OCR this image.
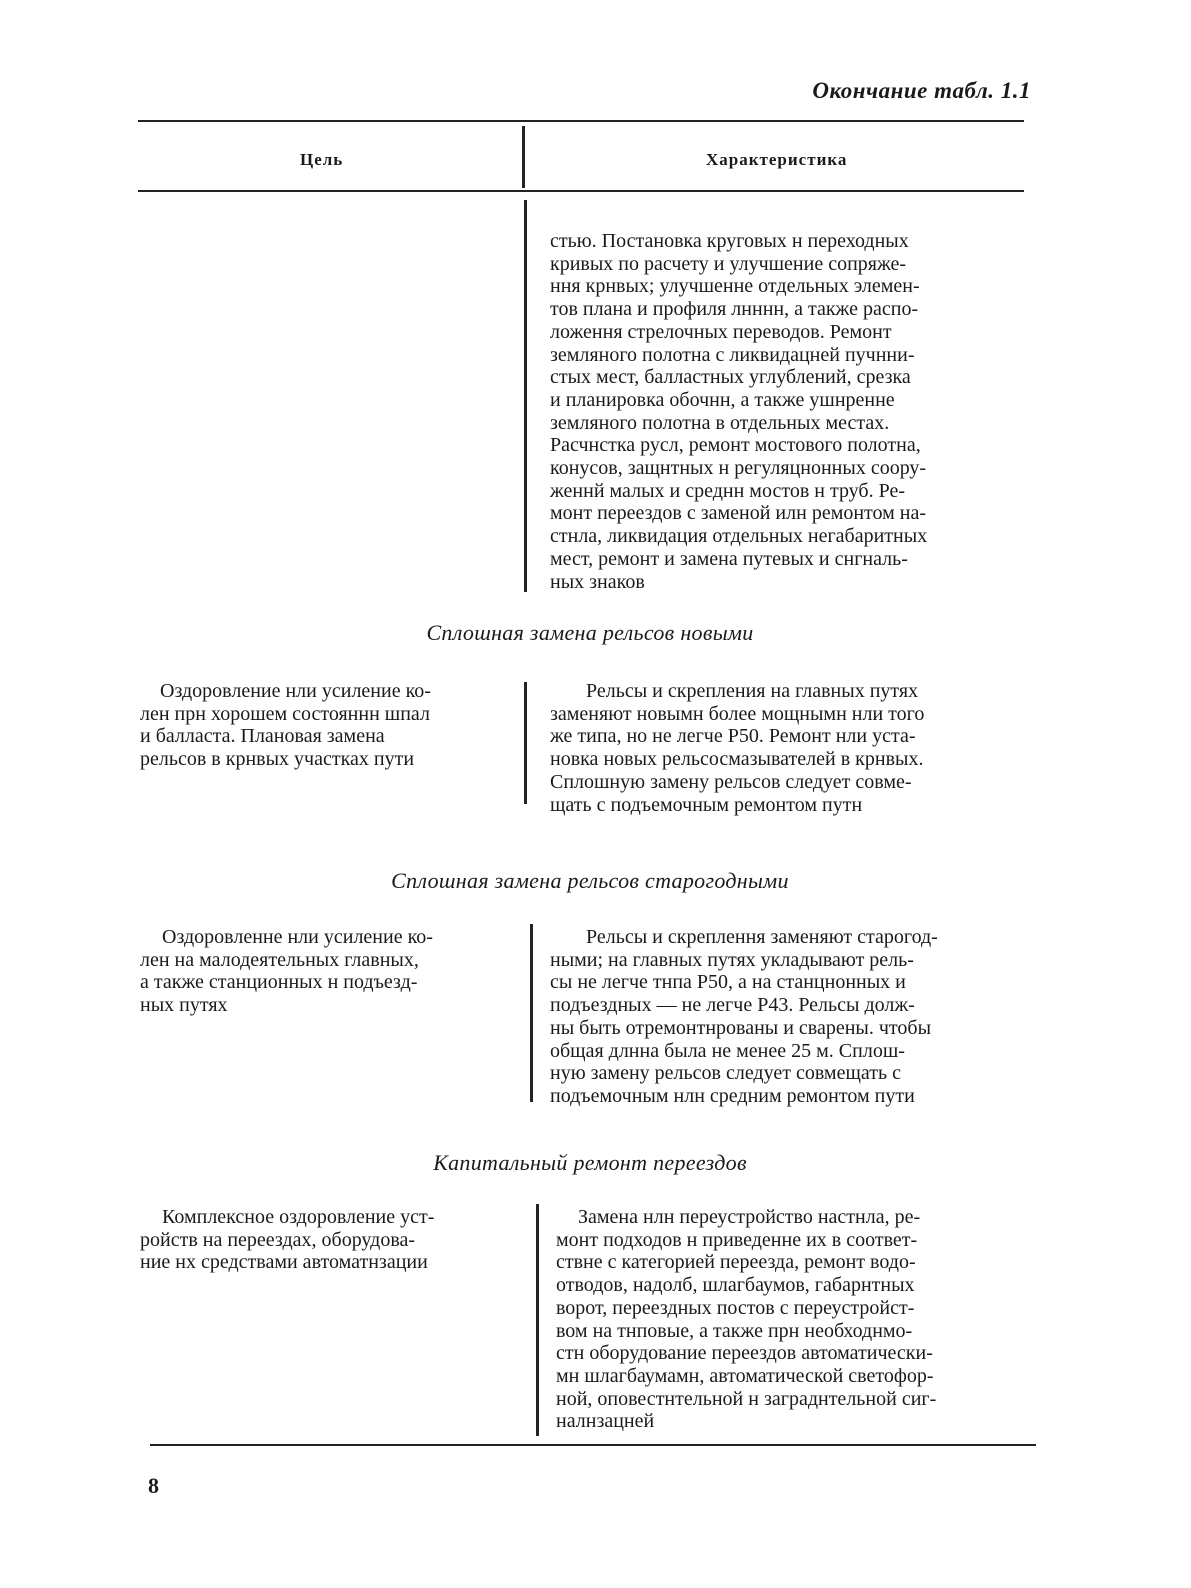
Окончание табл. 1.1
Цель	Характеристика
стью. Постановка круговых н переходных
кривых по расчету и улучшение сопряже-
ння крнвых; улучшенне отдельных элемен-
тов плана и профиля лнннн, а также распо-
ложення стрелочных переводов. Ремонт
земляного полотна с ликвидацней пучнни-
стых мест, балластных углублений, срезка
и планировка обочнн, а также ушнренне
земляного полотна в отдельных местах.
Расчнстка русл, ремонт мостового полотна,
конусов, защнтных н регуляцнонных соору-
женнй малых и среднн мостов н труб. Ре-
монт переездов с заменой илн ремонтом на-
стнла, ликвидация отдельных негабаритных
мест, ремонт и замена путевых и снгналь-
ных знаков
Сплошная замена рельсов новыми
Оздоровление нли усиление ко-
лен прн хорошем состояннн шпал
и балласта. Плановая замена
рельсов в крнвых участках пути
Рельсы и скрепления на главных путях
заменяют новымн более мощнымн нли того
же типа, но не легче Р50. Ремонт нли уста-
новка новых рельсосмазывателей в крнвых.
Сплошную замену рельсов следует совме-
щать с подъемочным ремонтом путн
Сплошная замена рельсов старогодными
Оздоровленне нли усиление ко-
лен на малодеятельных главных,
а также станционных н подъезд-
ных путях
Рельсы и скреплення заменяют старогод-
ными; на главных путях укладывают рель-
сы не легче тнпа Р50, а на станцнонных и
подъездных — не легче Р43. Рельсы долж-
ны быть отремонтнрованы и сварены. чтобы
общая длнна была не менее 25 м. Сплош-
ную замену рельсов следует совмещать с
подъемочным нлн средним ремонтом пути
Капитальный ремонт переездов
Комплексное оздоровление уст-
ройств на переездах, оборудова-
ние нх средствами автоматнзации
Замена нлн переустройство настнла, ре-
монт подходов н приведенне их в соответ-
ствне с категорией переезда, ремонт водо-
отводов, надолб, шлагбаумов, габарнтных
ворот, переездных постов с переустройст-
вом на тнповые, а также прн необходнмо-
стн оборудование переездов автоматически-
мн шлагбаумамн, автоматической светофор-
ной, оповестнтельной н заграднтельной сиг-
налнзацней
8
